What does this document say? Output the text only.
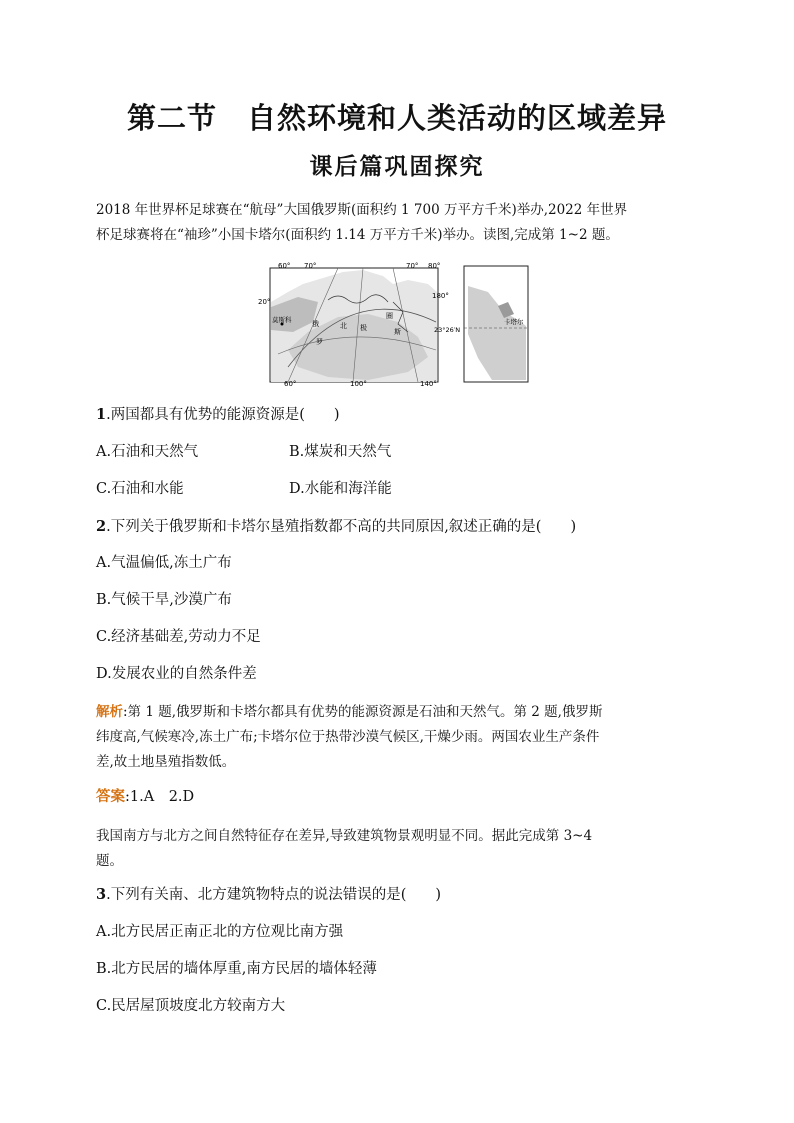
第二节　自然环境和人类活动的区域差异
课后篇巩固探究
2018 年世界杯足球赛在“航母”大国俄罗斯(面积约 1 700 万平方千米)举办,2022 年世界
杯足球赛将在“袖珍”小国卡塔尔(面积约 1.14 万平方千米)举办。读图,完成第 1~2 题。
60° 70°	70° 80°
20°
180°
60°	100°	140°
莫斯科	俄
罗
斯
北 极
圈
23°26′N
卡塔尔
1.两国都具有优势的能源资源是(　　)
A.石油和天然气	B.煤炭和天然气
C.石油和水能	D.水能和海洋能
2.下列关于俄罗斯和卡塔尔垦殖指数都不高的共同原因,叙述正确的是(　　)
A.气温偏低,冻土广布
B.气候干旱,沙漠广布
C.经济基础差,劳动力不足
D.发展农业的自然条件差
解析:第 1 题,俄罗斯和卡塔尔都具有优势的能源资源是石油和天然气。第 2 题,俄罗斯
纬度高,气候寒冷,冻土广布;卡塔尔位于热带沙漠气候区,干燥少雨。两国农业生产条件
差,故土地垦殖指数低。
答案:1.A　2.D
我国南方与北方之间自然特征存在差异,导致建筑物景观明显不同。据此完成第 3~4
题。
3.下列有关南、北方建筑物特点的说法错误的是(　　)
A.北方民居正南正北的方位观比南方强
B.北方民居的墙体厚重,南方民居的墙体轻薄
C.民居屋顶坡度北方较南方大
